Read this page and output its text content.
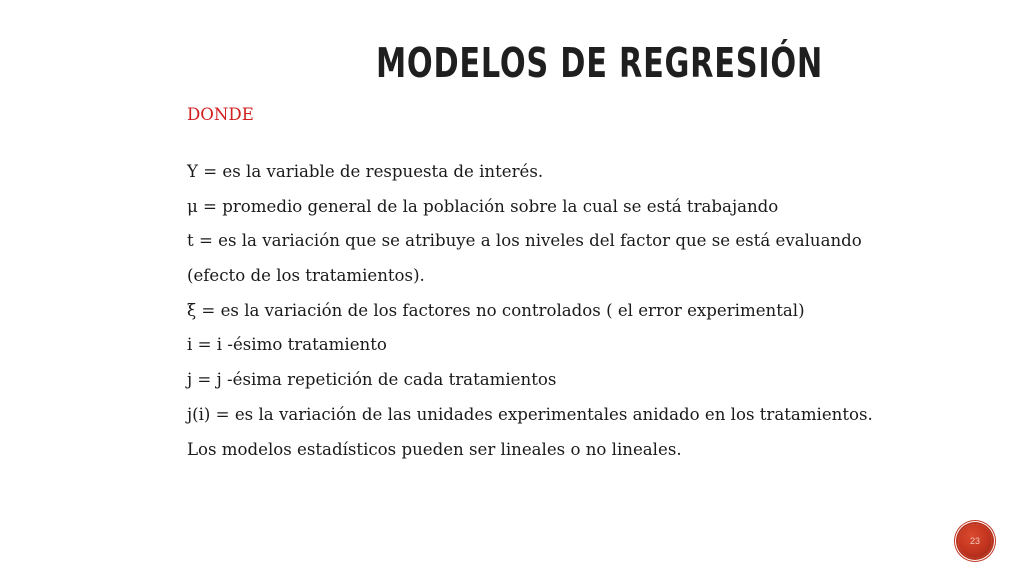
MODELOS DE REGRESIÓN
DONDE
Y = es la variable de respuesta de interés.
μ = promedio general de la población sobre la cual se está trabajando
t = es la variación que se atribuye a los niveles del factor que se está evaluando
(efecto de los tratamientos).
ξ = es la variación de los factores no controlados ( el error experimental)
i = i -ésimo tratamiento
j = j -ésima repetición de cada tratamientos
j(i) = es la variación de las unidades experimentales anidado en los tratamientos.
Los modelos estadísticos pueden ser lineales o no lineales.
23
